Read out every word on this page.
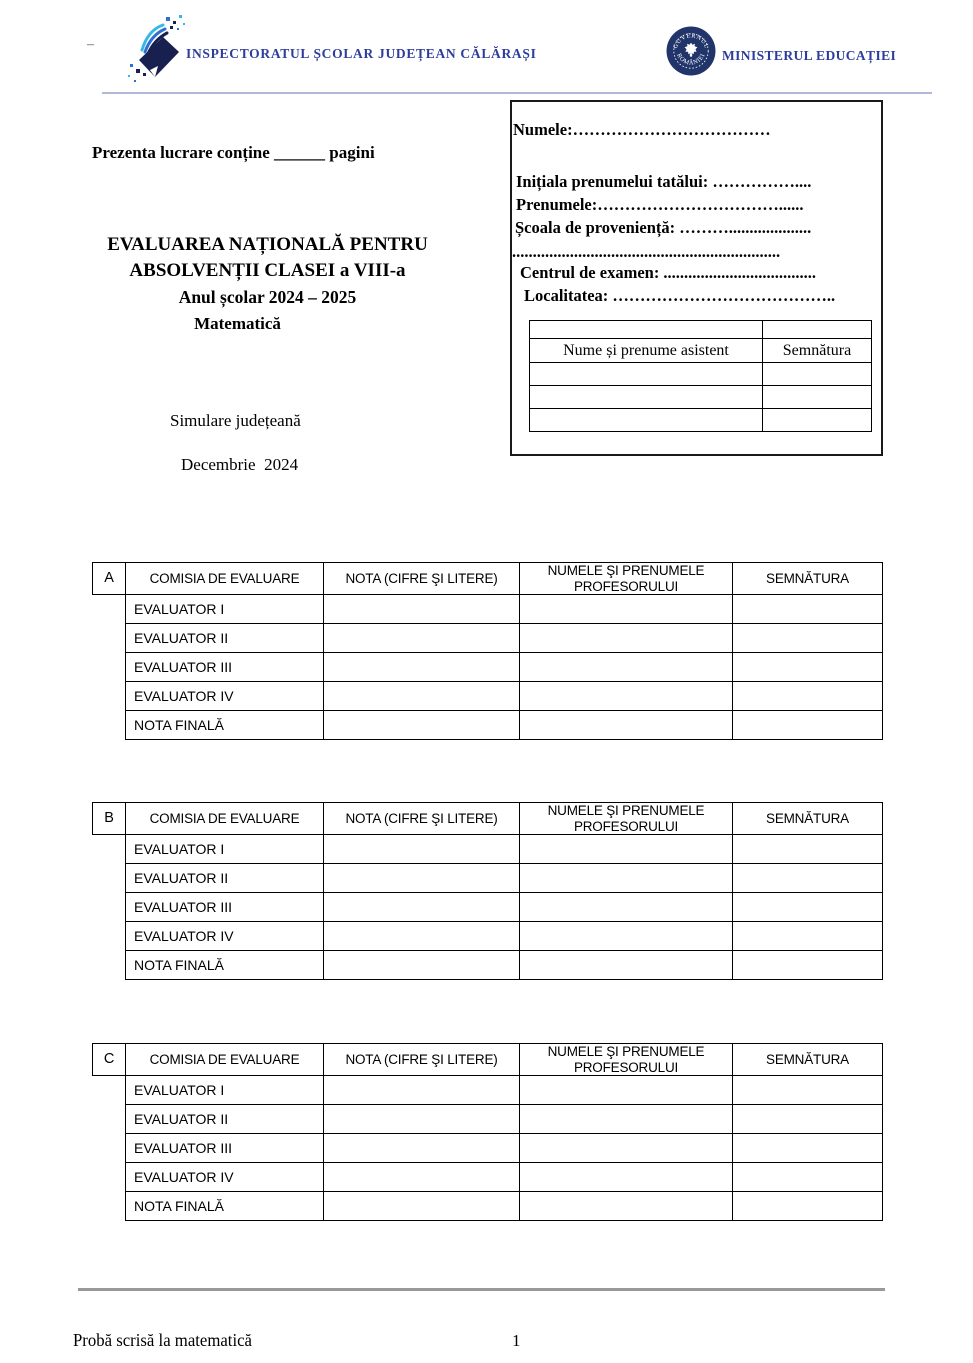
–
INSPECTORATUL ȘCOLAR JUDEȚEAN CĂLĂRAȘI
GUVERNUL
ROMÂNIEI MINISTERUL EDUCAȚIEI
Prezenta lucrare conține ______ pagini
EVALUAREA NAȚIONALĂ PENTRU
ABSOLVENȚII CLASEI a VIII-a
Anul școlar 2024 – 2025
Matematică
Simulare județeană
Decembrie  2024
Numele:………………………………
Inițiala prenumelui tatălui: ……………....
Prenumele:……………………………......
Școala de proveniență: ………....................
.................................................................
Centrul de examen: .....................................
Localitatea: …………………………………..

Nume și prenume asistent	Semnătura

A	COMISIA DE EVALUARE	NOTA (CIFRE ŞI LITERE)	NUMELE ŞI PRENUMELE PROFESORULUI	SEMNĂTURA
	EVALUATOR I			
	EVALUATOR II			
	EVALUATOR III			
	EVALUATOR IV			
	NOTA FINALĂ			
B	COMISIA DE EVALUARE	NOTA (CIFRE ŞI LITERE)	NUMELE ŞI PRENUMELE PROFESORULUI	SEMNĂTURA
	EVALUATOR I			
	EVALUATOR II			
	EVALUATOR III			
	EVALUATOR IV			
	NOTA FINALĂ			
C	COMISIA DE EVALUARE	NOTA (CIFRE ŞI LITERE)	NUMELE ŞI PRENUMELE PROFESORULUI	SEMNĂTURA
	EVALUATOR I			
	EVALUATOR II			
	EVALUATOR III			
	EVALUATOR IV			
	NOTA FINALĂ			
Probă scrisă la matematică	1
